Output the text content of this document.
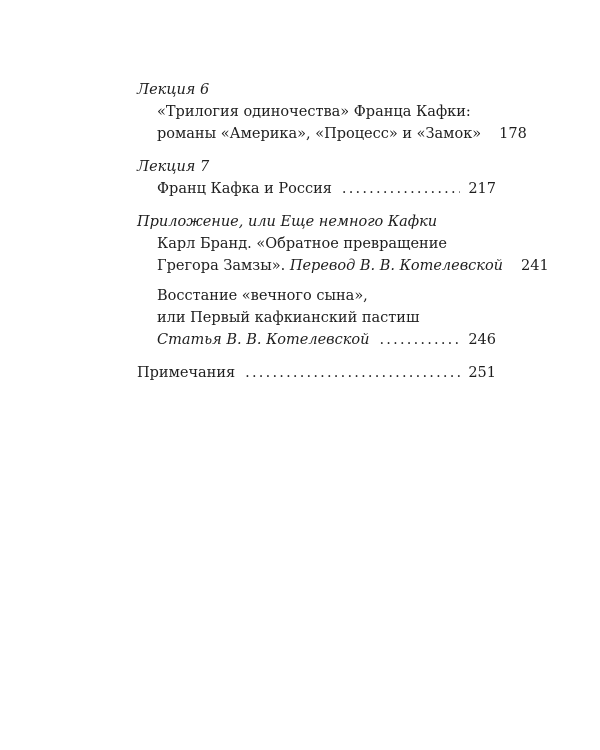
Лекция 6
«Трилогия одиночества» Франца Кафки:
романы «Америка», «Процесс» и «Замок» 178
Лекция 7
Франц Кафка и Россия . . .	217
Приложение, или Еще немного Кафки
Карл Бранд. «Обратное превращение
Грегора Замзы». Перевод В. В. Котелевской 241
Восстание «вечного сына»,
или Первый кафкианский пастиш
Статья В. В. Котелевской . . .	246
Примечания . . .	251
